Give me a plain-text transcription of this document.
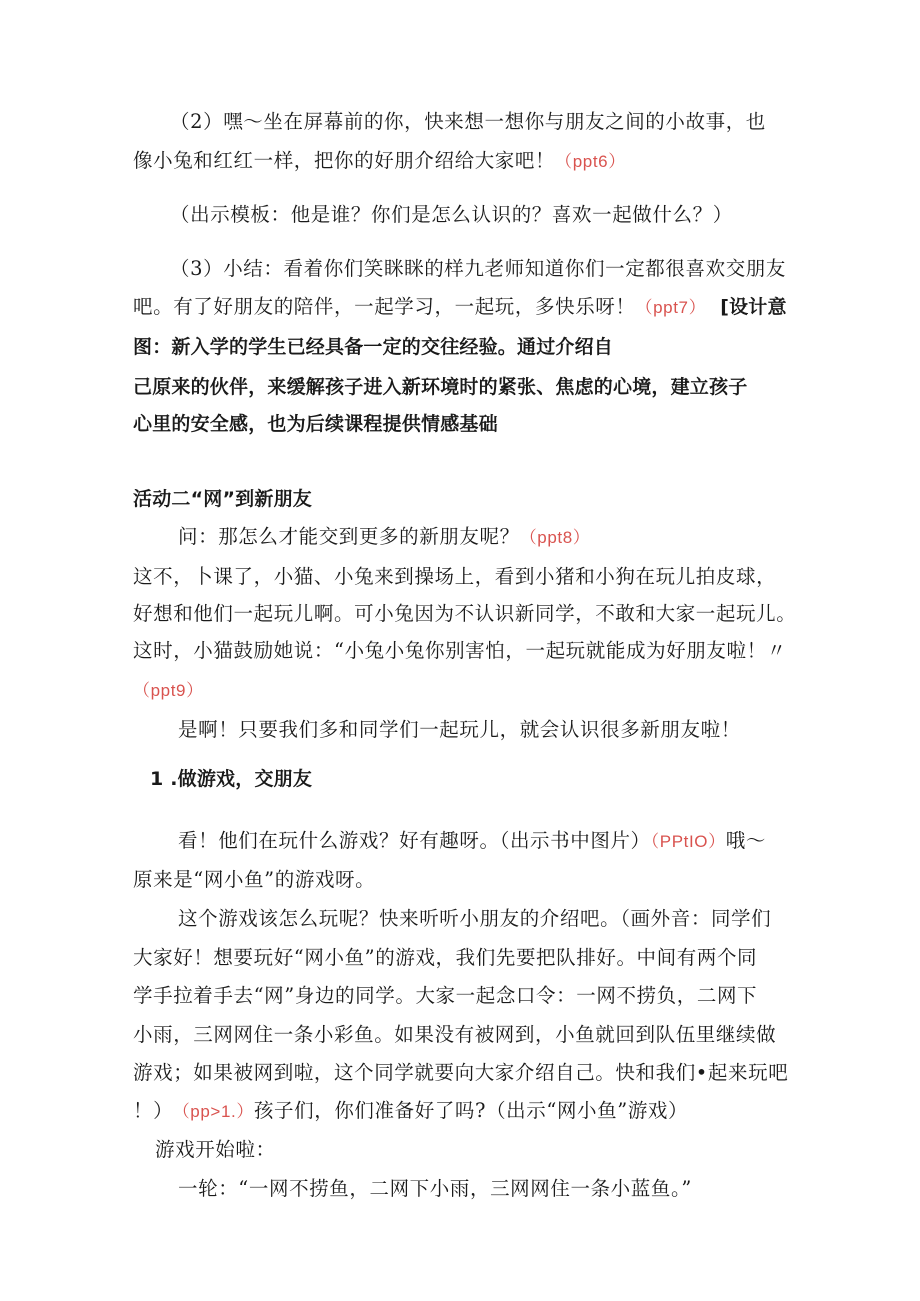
（2）嘿～坐在屏幕前的你，快来想一想你与朋友之间的小故事，也
像小兔和红红一样，把你的好朋介绍给大家吧！（ppt6）
（出示模板：他是谁？你们是怎么认识的？喜欢一起做什么？）
（3）小结：看着你们笑眯眯的样九老师知道你们一定都很喜欢交朋友
吧。有了好朋友的陪伴，一起学习，一起玩，多快乐呀！（ppt7） [设计意
图：新入学的学生已经具备一定的交往经验。通过介绍自
己原来的伙伴，来缓解孩子进入新环境时的紧张、焦虑的心境，建立孩子
心里的安全感，也为后续课程提供情感基础
活动二“网”到新朋友
问：那怎么才能交到更多的新朋友呢？（ppt8）
这不，卜课了，小猫、小兔来到操场上，看到小猪和小狗在玩儿拍皮球，
好想和他们一起玩儿啊。可小兔因为不认识新同学，不敢和大家一起玩儿。
这时，小猫鼓励她说：“小兔小兔你别害怕，一起玩就能成为好朋友啦！〃
（ppt9）
是啊！只要我们多和同学们一起玩儿，就会认识很多新朋友啦！
1 .做游戏，交朋友
看！他们在玩什么游戏？好有趣呀。（出示书中图片）（PPtIO）哦～
原来是“网小鱼”的游戏呀。
这个游戏该怎么玩呢？快来听听小朋友的介绍吧。（画外音：同学们
大家好！想要玩好“网小鱼”的游戏，我们先要把队排好。中间有两个同
学手拉着手去“网”身边的同学。大家一起念口令：一网不捞负，二网下
小雨，三网网住一条小彩鱼。如果没有被网到，小鱼就回到队伍里继续做
游戏；如果被网到啦，这个同学就要向大家介绍自己。快和我们•起来玩吧
！） （pp>1.）孩子们，你们准备好了吗?（出示“网小鱼”游戏）
游戏开始啦：
一轮：“一网不捞鱼，二网下小雨，三网网住一条小蓝鱼。”
